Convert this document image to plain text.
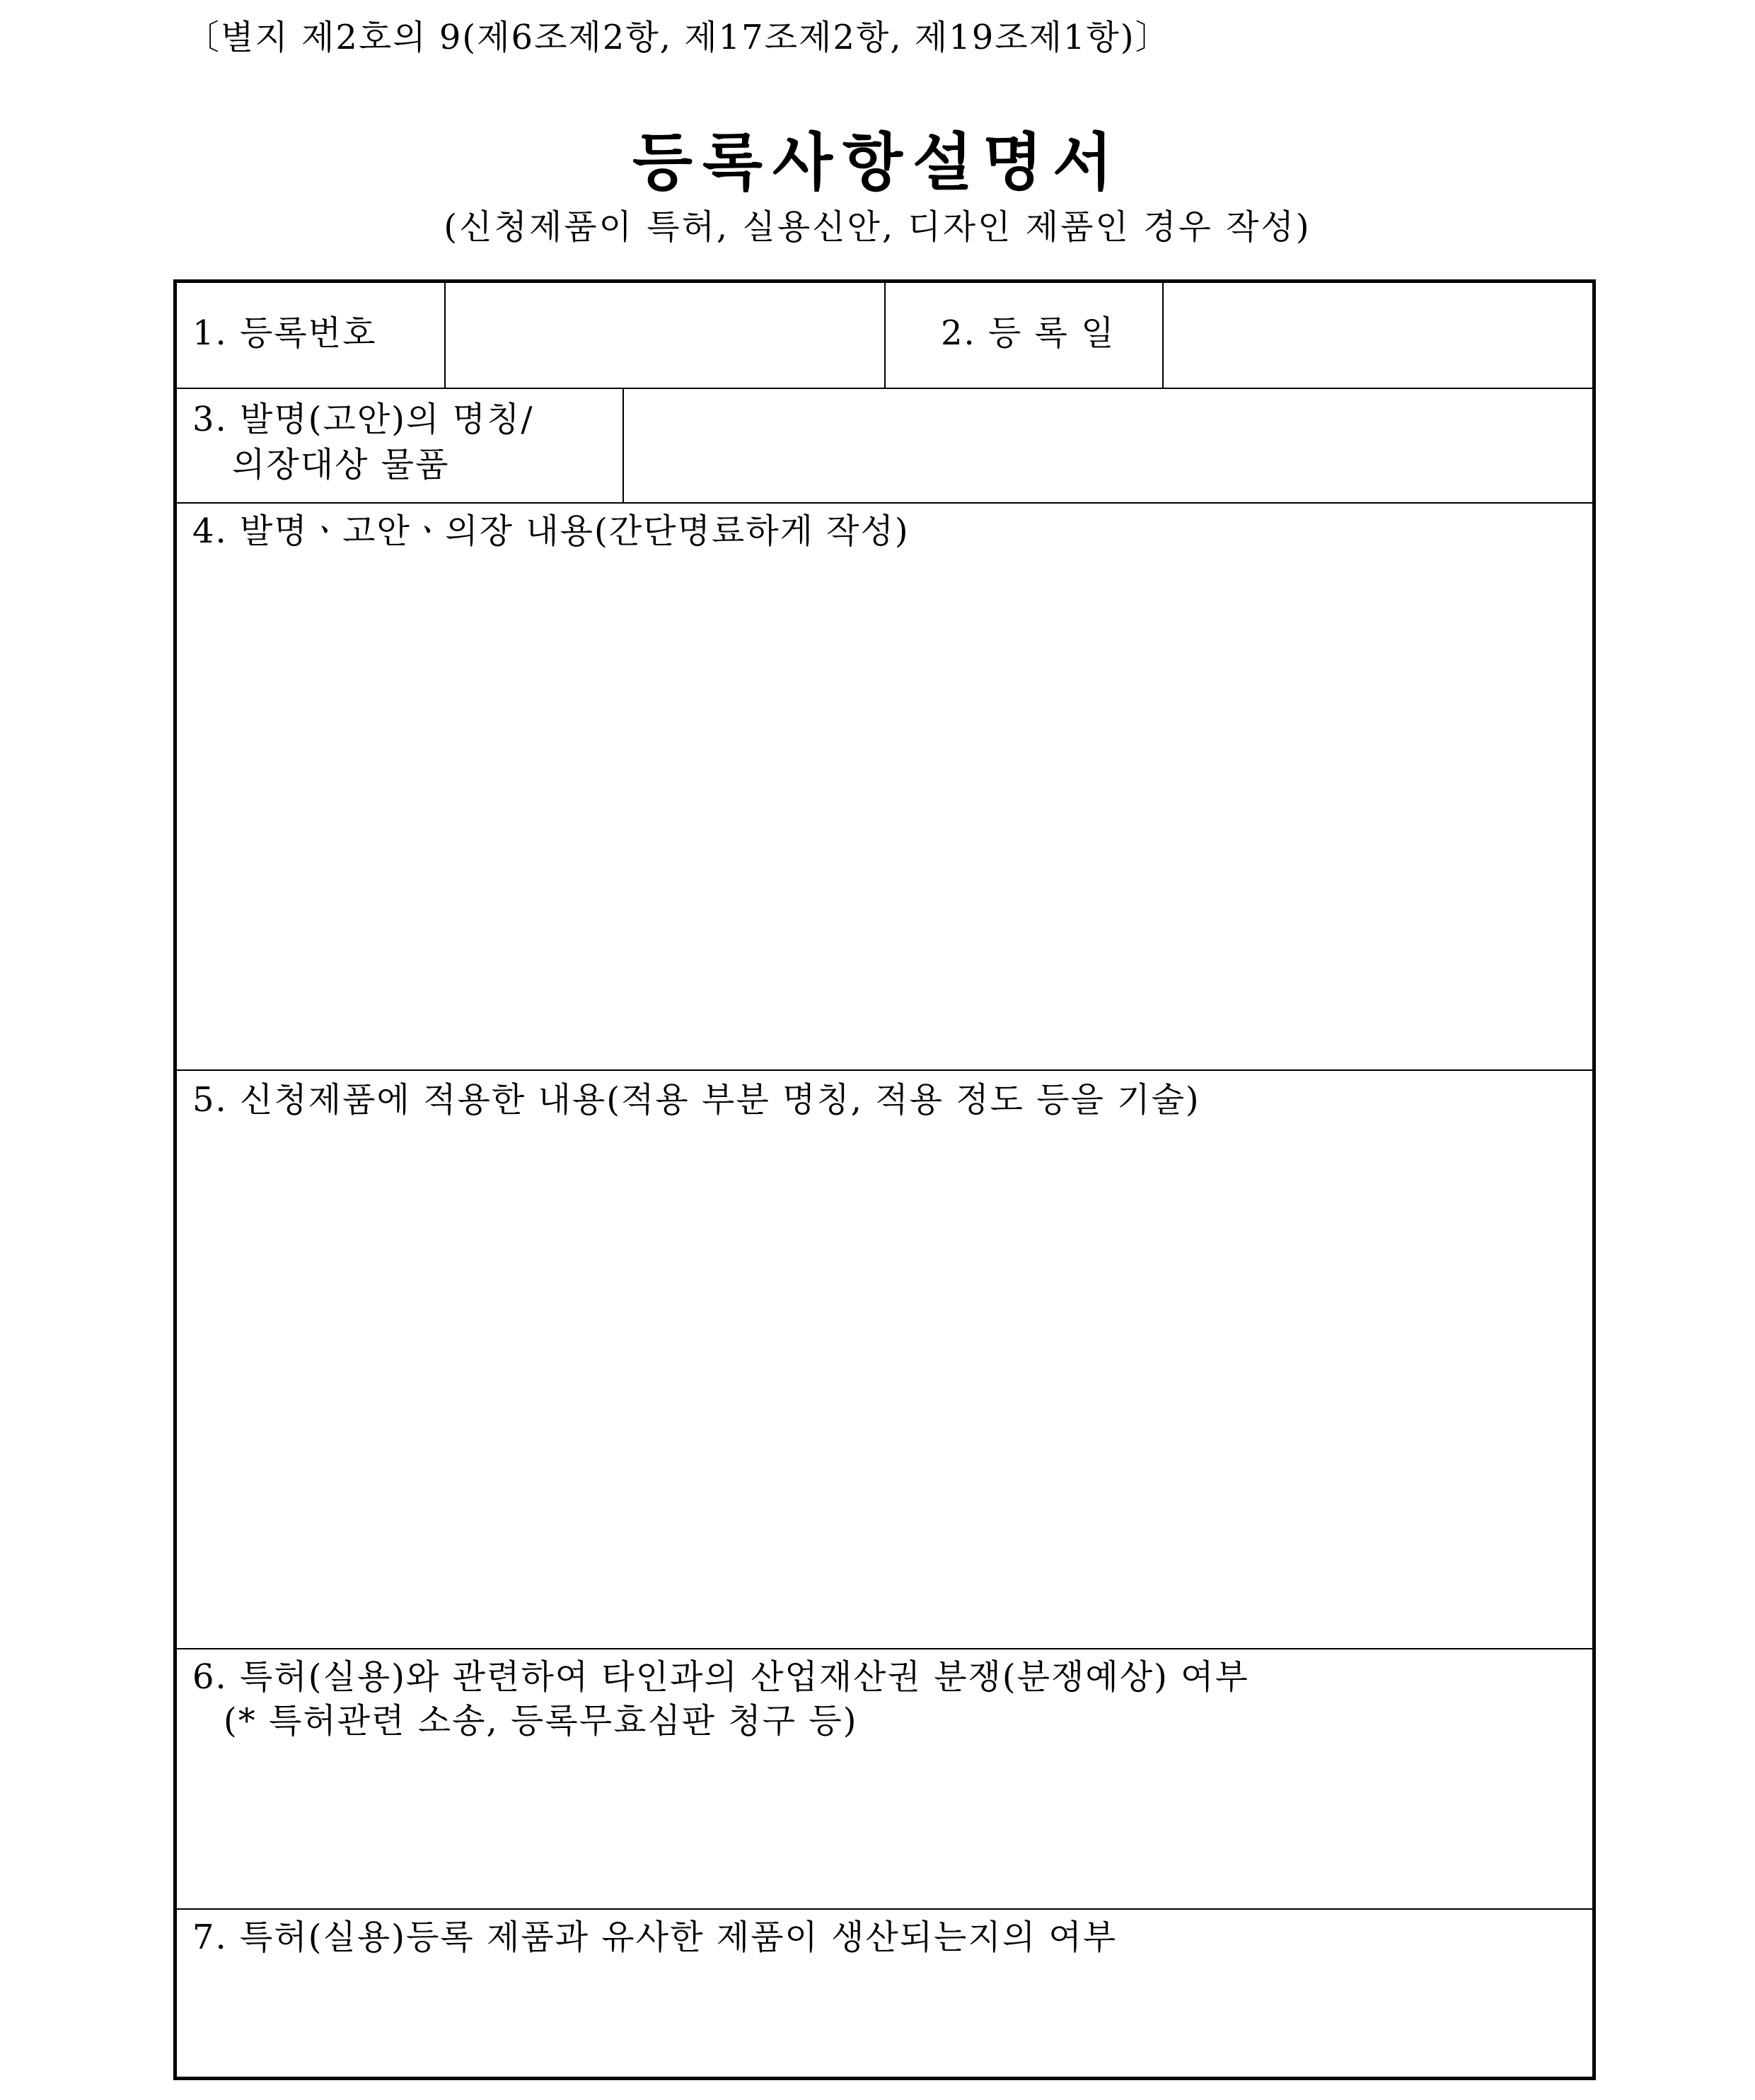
〔별지 제2호의 9(제6조제2항, 제17조제2항, 제19조제1항)〕
등록사항설명서
(신청제품이 특허, 실용신안, 디자인 제품인 경우 작성)
1. 등록번호	2. 등 록 일
3. 발명(고안)의 명칭/
의장대상 물품
4. 발명ㆍ고안ㆍ의장 내용(간단명료하게 작성)
5. 신청제품에 적용한 내용(적용 부분 명칭, 적용 정도 등을 기술)
6. 특허(실용)와 관련하여 타인과의 산업재산권 분쟁(분쟁예상) 여부
(* 특허관련 소송, 등록무효심판 청구 등)
7. 특허(실용)등록 제품과 유사한 제품이 생산되는지의 여부
